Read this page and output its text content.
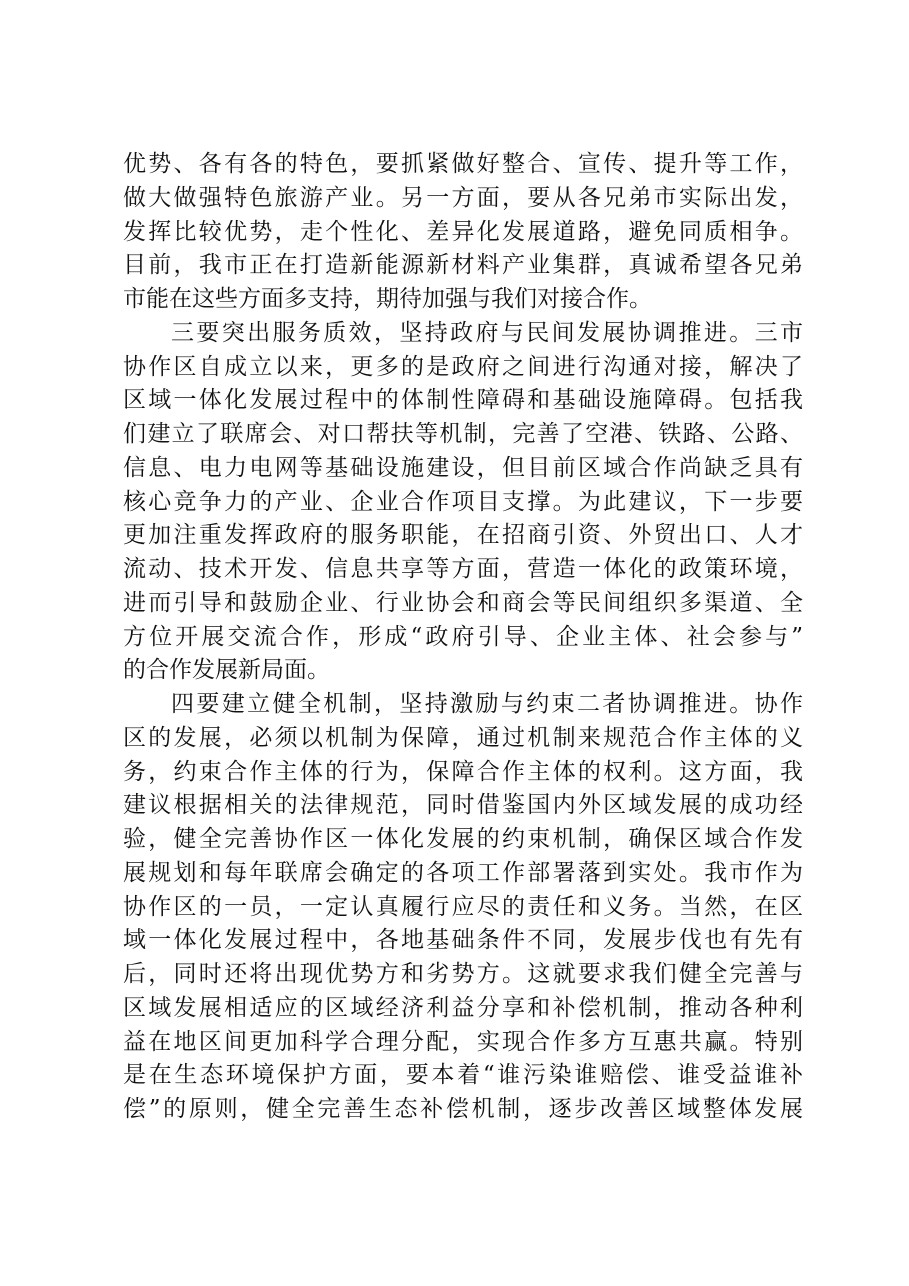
优势、各有各的特色，要抓紧做好整合、宣传、提升等工作，
做大做强特色旅游产业。另一方面，要从各兄弟市实际出发，
发挥比较优势，走个性化、差异化发展道路，避免同质相争。
目前，我市正在打造新能源新材料产业集群，真诚希望各兄弟
市能在这些方面多支持，期待加强与我们对接合作。
三要突出服务质效，坚持政府与民间发展协调推进。三市
协作区自成立以来，更多的是政府之间进行沟通对接，解决了
区域一体化发展过程中的体制性障碍和基础设施障碍。包括我
们建立了联席会、对口帮扶等机制，完善了空港、铁路、公路、
信息、电力电网等基础设施建设，但目前区域合作尚缺乏具有
核心竞争力的产业、企业合作项目支撑。为此建议，下一步要
更加注重发挥政府的服务职能，在招商引资、外贸出口、人才
流动、技术开发、信息共享等方面，营造一体化的政策环境，
进而引导和鼓励企业、行业协会和商会等民间组织多渠道、全
方位开展交流合作，形成“政府引导、企业主体、社会参与”
的合作发展新局面。
四要建立健全机制，坚持激励与约束二者协调推进。协作
区的发展，必须以机制为保障，通过机制来规范合作主体的义
务，约束合作主体的行为，保障合作主体的权利。这方面，我
建议根据相关的法律规范，同时借鉴国内外区域发展的成功经
验，健全完善协作区一体化发展的约束机制，确保区域合作发
展规划和每年联席会确定的各项工作部署落到实处。我市作为
协作区的一员，一定认真履行应尽的责任和义务。当然，在区
域一体化发展过程中，各地基础条件不同，发展步伐也有先有
后，同时还将出现优势方和劣势方。这就要求我们健全完善与
区域发展相适应的区域经济利益分享和补偿机制，推动各种利
益在地区间更加科学合理分配，实现合作多方互惠共赢。特别
是在生态环境保护方面，要本着“谁污染谁赔偿、谁受益谁补
偿”的原则，健全完善生态补偿机制，逐步改善区域整体发展
